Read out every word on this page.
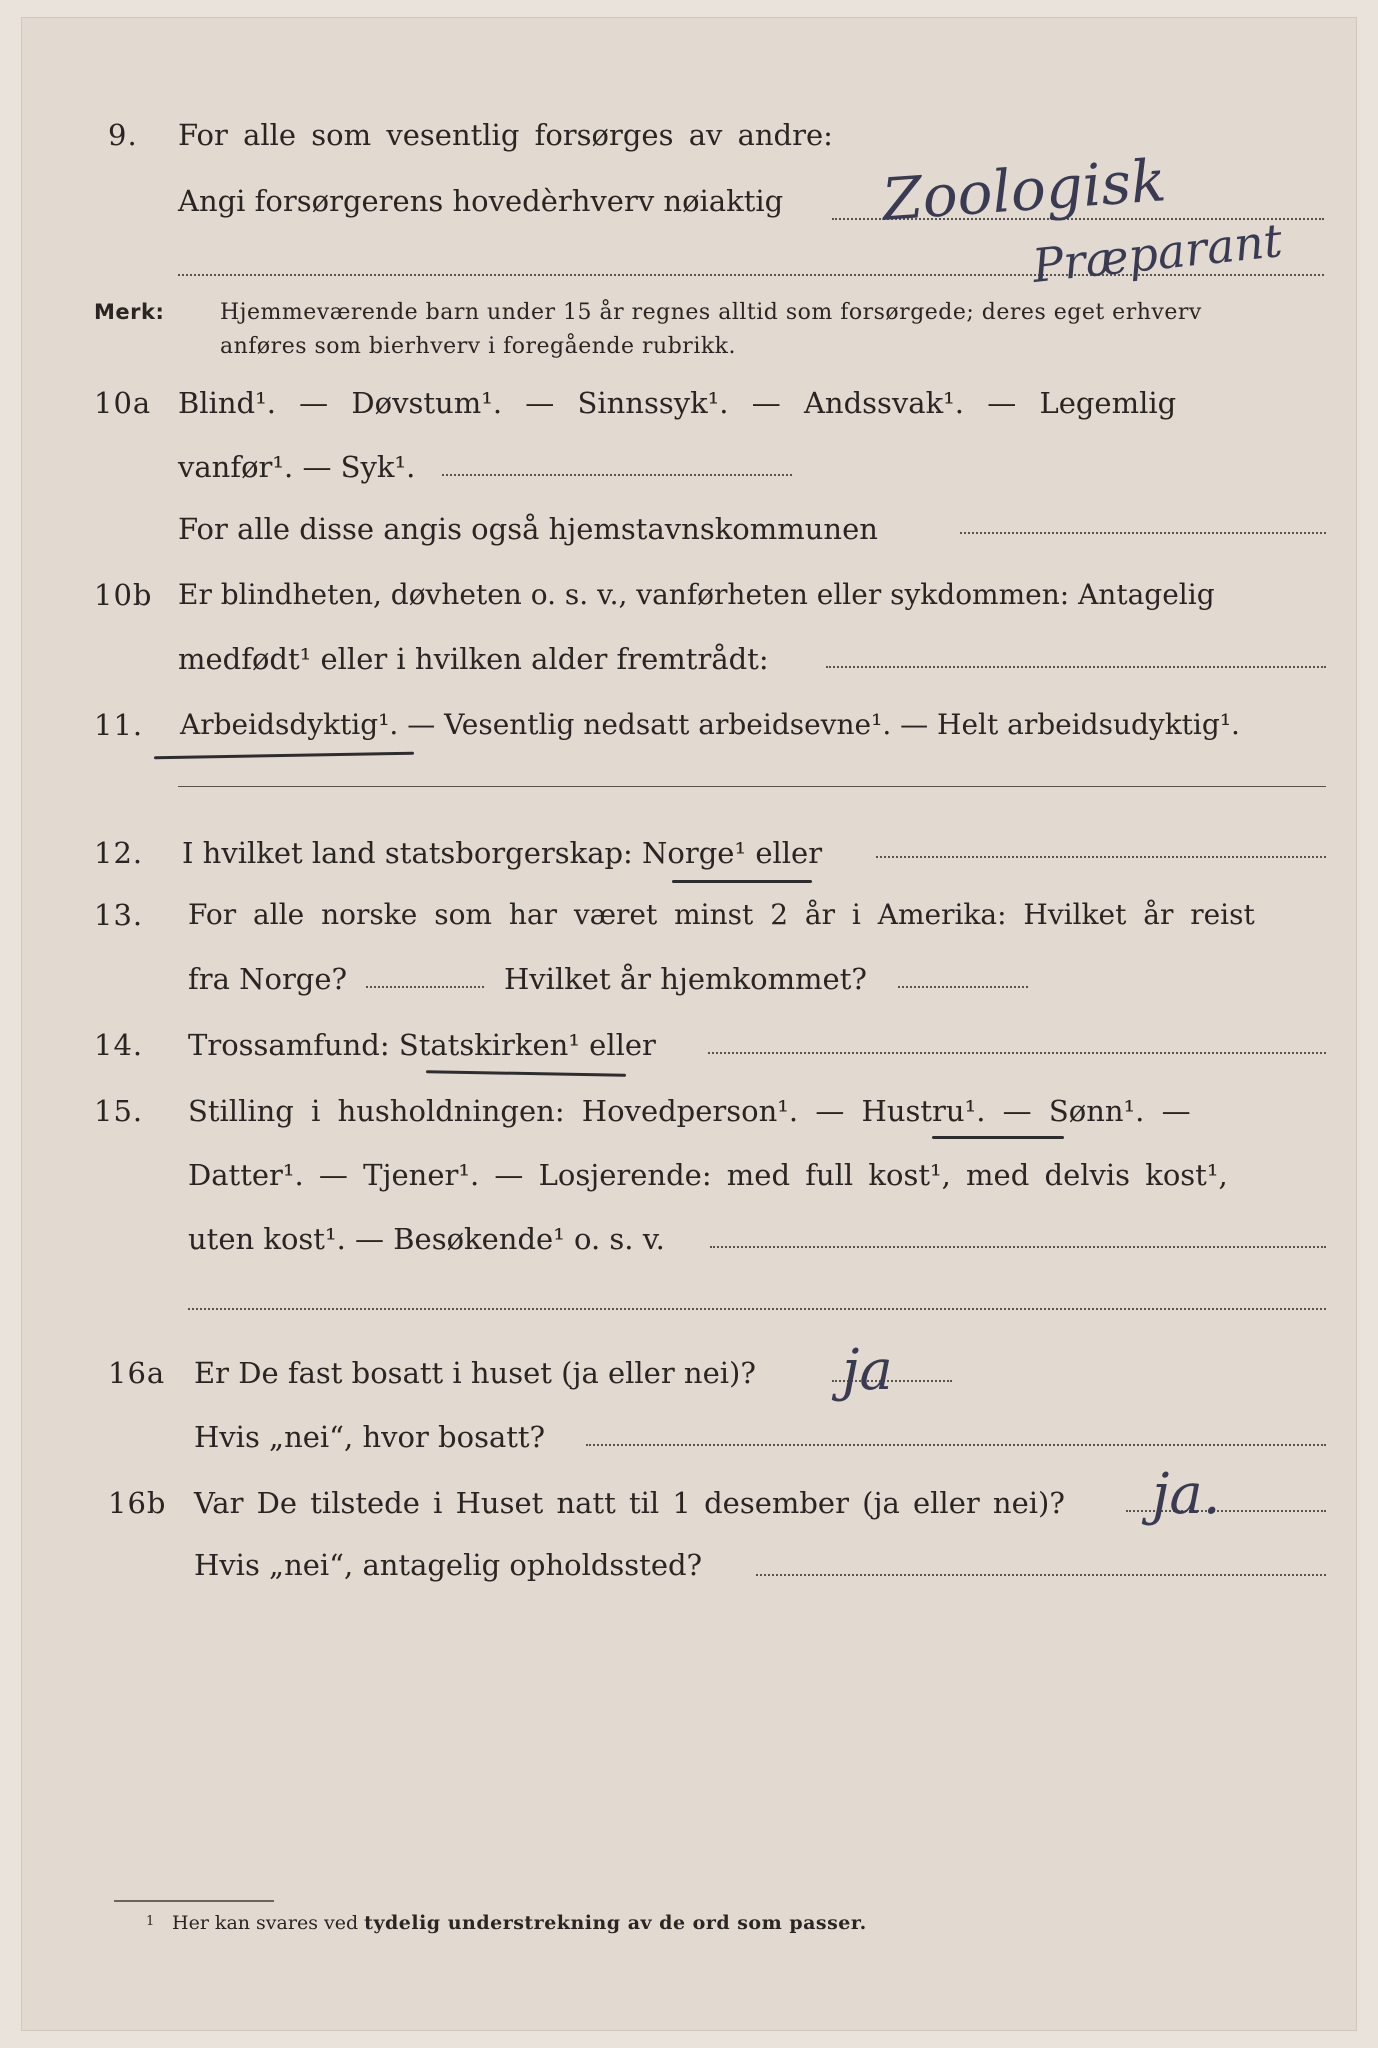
9. For alle som vesentlig forsørges av andre:
Angi forsørgerens hovedèrhverv nøiaktig Zoologisk
Præparant
Merk:	Hjemmeværende barn under 15 år regnes alltid som forsørgede; deres eget erhverv
anføres som bierhverv i foregående rubrikk.
10a Blind¹. — Døvstum¹. — Sinnssyk¹. — Andssvak¹. — Legemlig
vanfør¹. — Syk¹.
For alle disse angis også hjemstavnskommunen
10b Er blindheten, døvheten o. s. v., vanførheten eller sykdommen: Antagelig
medfødt¹ eller i hvilken alder fremtrådt:
11. Arbeidsdyktig¹. — Vesentlig nedsatt arbeidsevne¹. — Helt arbeidsudyktig¹.
12. I hvilket land statsborgerskap: Norge¹ eller
13. For alle norske som har været minst 2 år i Amerika: Hvilket år reist
fra Norge?	Hvilket år hjemkommet?
14. Trossamfund: Statskirken¹ eller
15. Stilling i husholdningen: Hovedperson¹. — Hustru¹. — Sønn¹. —
Datter¹. — Tjener¹. — Losjerende: med full kost¹, med delvis kost¹,
uten kost¹. — Besøkende¹ o. s. v.
16a Er De fast bosatt i huset (ja eller nei)? ja
Hvis „nei“, hvor bosatt?
16b Var De tilstede i Huset natt til 1 desember (ja eller nei)? ja.
Hvis „nei“, antagelig opholdssted?
1 Her kan svares ved tydelig understrekning av de ord som passer.
